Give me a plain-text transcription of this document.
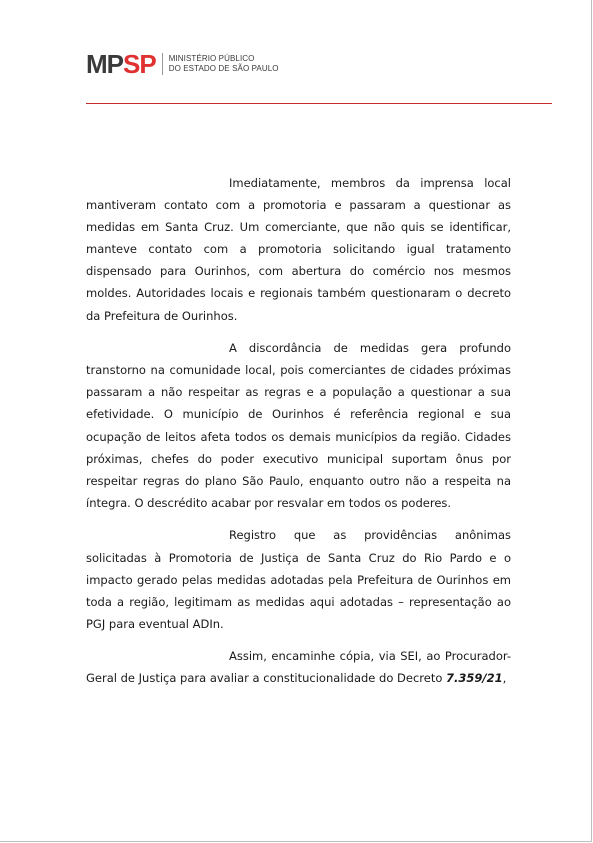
MP SP MINISTÉRIO PÚBLICO
DO ESTADO DE SÃO PAULO

Imediatamente, membros da imprensa local mantiveram contato com a promotoria e passaram a questionar as medidas em Santa Cruz. Um comerciante, que não quis se identificar, manteve contato com a promotoria solicitando igual tratamento dispensado para Ourinhos, com abertura do comércio nos mesmos moldes. Autoridades locais e regionais também questionaram o decreto da Prefeitura de Ourinhos.

A discordância de medidas gera profundo transtorno na comunidade local, pois comerciantes de cidades próximas passaram a não respeitar as regras e a população a questionar a sua efetividade. O município de Ourinhos é referência regional e sua ocupação de leitos afeta todos os demais municípios da região. Cidades próximas, chefes do poder executivo municipal suportam ônus por respeitar regras do plano São Paulo, enquanto outro não a respeita na íntegra. O descrédito acabar por resvalar em todos os poderes.

Registro que as providências anônimas solicitadas à Promotoria de Justiça de Santa Cruz do Rio Pardo e o impacto gerado pelas medidas adotadas pela Prefeitura de Ourinhos em toda a região, legitimam as medidas aqui adotadas – representação ao PGJ para eventual ADIn.

Assim, encaminhe cópia, via SEI, ao Procurador-Geral de Justiça para avaliar a constitucionalidade do Decreto 7.359/21,
